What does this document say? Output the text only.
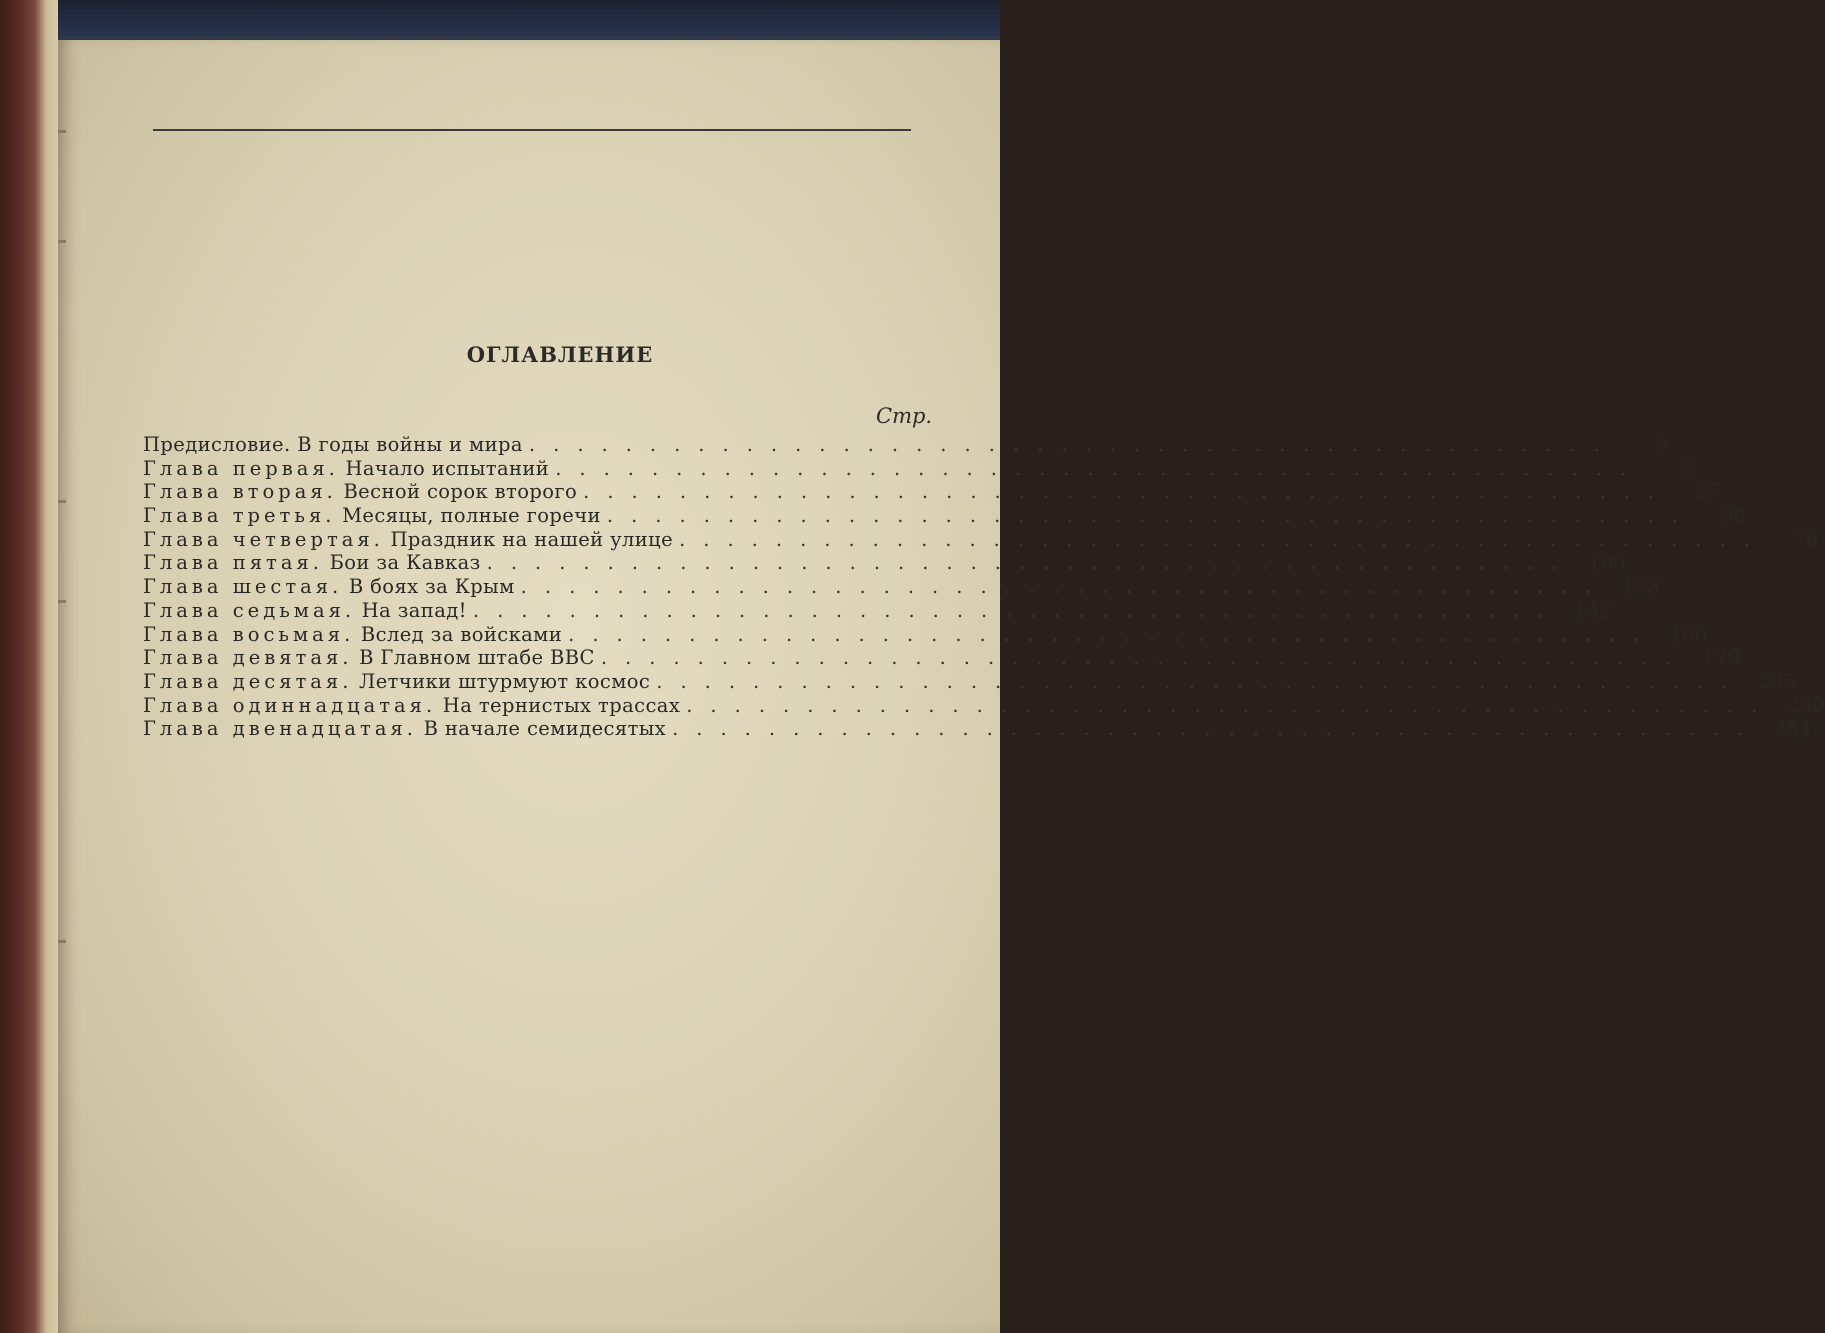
ОГЛАВЛЕНИЕ
Стр.
Предисловие. В годы войны и мира .............................................	3
Глава первая. Начало испытаний .............................................	5
Глава вторая. Весной сорок второго .............................................	27
Глава третья. Месяцы, полные горечи .............................................	50
Глава четвертая. Праздник на нашей улице .............................................	76
Глава пятая. Бои за Кавказ ............................................. 100
Глава шестая. В боях за Крым ............................................. 123
Глава седьмая. На запад! ............................................. 142
Глава восьмая. Вслед за войсками ............................................. 160
Глава девятая. В Главном штабе ВВС ............................................. 179
Глава десятая. Летчики штурмуют космос ............................................. 205
Глава одиннадцатая. На тернистых трассах ............................................. 230
Глава двенадцатая. В начале семидесятых ............................................. 254
